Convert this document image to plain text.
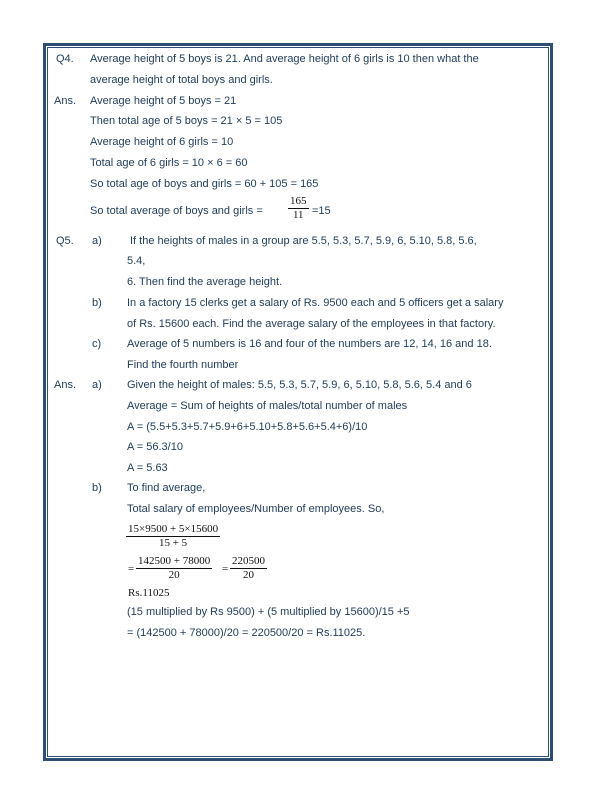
Q4. Average height of 5 boys is 21. And average height of 6 girls is 10 then what the
average height of total boys and girls.
Ans. Average height of 5 boys = 21
Then total age of 5 boys = 21 × 5 = 105
Average height of 6 girls = 10
Total age of 6 girls = 10 × 6 = 60
So total age of boys and girls = 60 + 105 = 165
So total average of boys and girls = $\frac{165}{11} =15$
Q5. a)	If the heights of males in a group are 5.5, 5.3, 5.7, 5.9, 6, 5.10, 5.8, 5.6,
5.4,
6. Then find the average height.
b) In a factory 15 clerks get a salary of Rs. 9500 each and 5 officers get a salary
of Rs. 15600 each. Find the average salary of the employees in that factory.
c) Average of 5 numbers is 16 and four of the numbers are 12, 14, 16 and 18.
Find the fourth number
Ans. a) Given the height of males: 5.5, 5.3, 5.7, 5.9, 6, 5.10, 5.8, 5.6, 5.4 and 6
Average = Sum of heights of males/total number of males
A = (5.5+5.3+5.7+5.9+6+5.10+5.8+5.6+5.4+6)/10
A = 56.3/10
A = 5.63
b) To find average,
Total salary of employees/Number of employees. So,
$\frac{15\times 9500 + 5\times 15600}{15 + 5}$
= $\frac{142500 + 78000}{20} = \frac{220500}{20}$
Rs.11025
(15 multiplied by Rs 9500) + (5 multiplied by 15600)/15 +5
= (142500 + 78000)/20 = 220500/20 = Rs.11025.
